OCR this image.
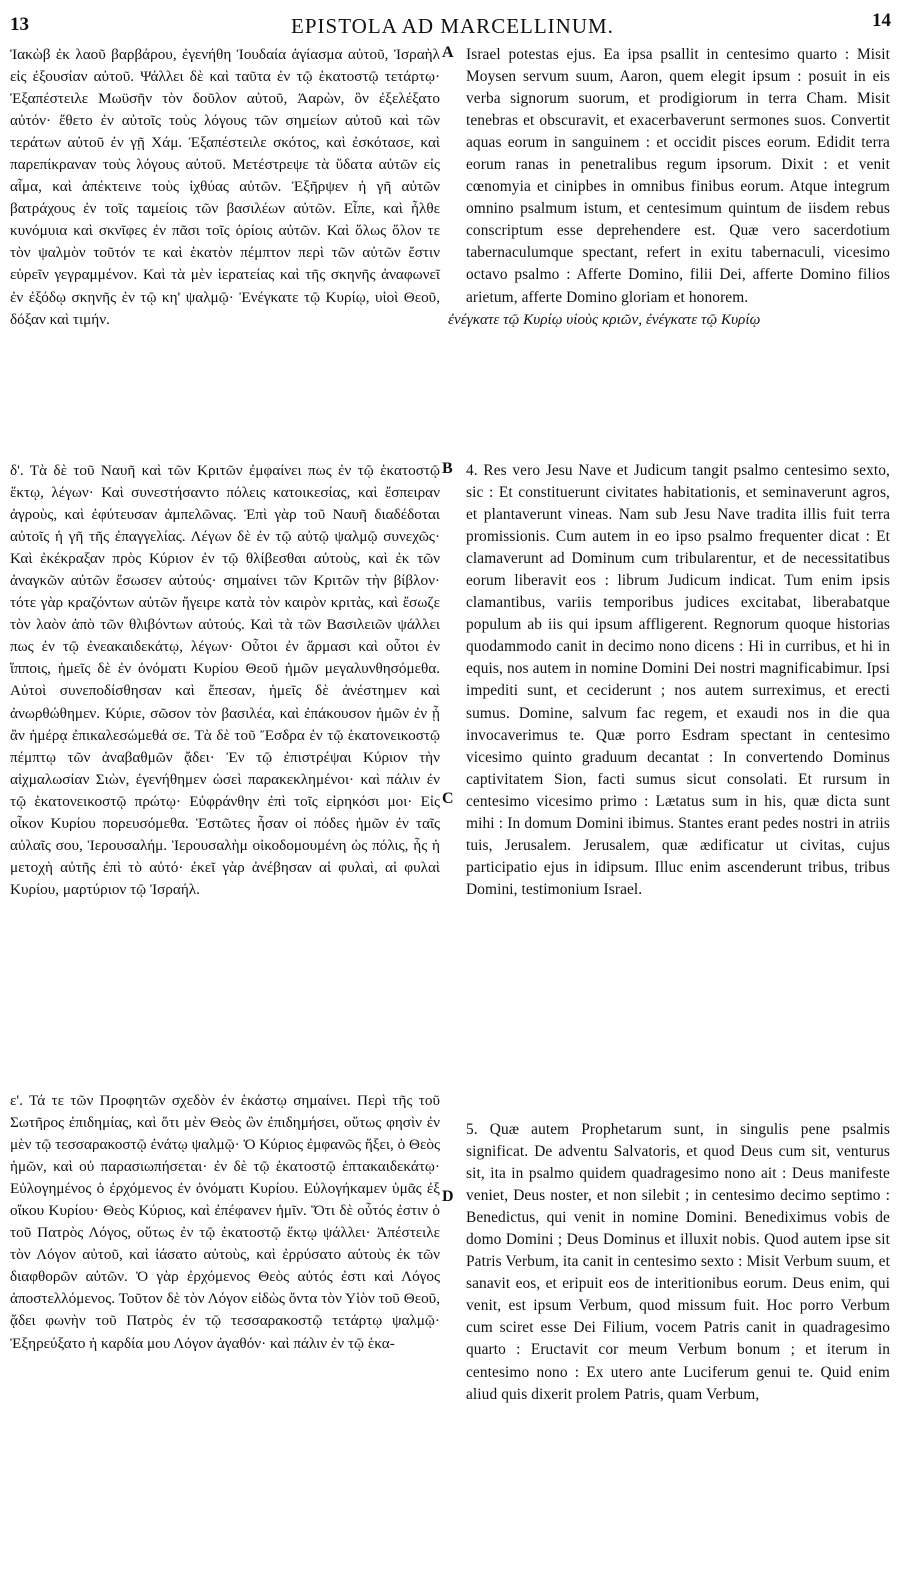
13	EPISTOLA AD MARCELLINUM.	14
A
B
C
D

Ἰακὼβ ἐκ λαοῦ βαρβάρου, ἐγενήθη Ἰουδαία ἁγίασμα αὐτοῦ, Ἰσραὴλ εἰς ἐξουσίαν αὐτοῦ. Ψάλλει δὲ καὶ ταῦτα ἐν τῷ ἑκατοστῷ τετάρτῳ· Ἐξαπέστειλε Μωϋσῆν τὸν δοῦλον αὐτοῦ, Ἀαρὼν, ὃν ἐξελέξατο αὐτόν· ἔθετο ἐν αὐτοῖς τοὺς λόγους τῶν σημείων αὐτοῦ καὶ τῶν τεράτων αὐτοῦ ἐν γῇ Χάμ. Ἐξαπέστειλε σκότος, καὶ ἐσκότασε, καὶ παρεπίκραναν τοὺς λόγους αὐτοῦ. Μετέστρεψε τὰ ὕδατα αὐτῶν εἰς αἷμα, καὶ ἀπέκτεινε τοὺς ἰχθύας αὐτῶν. Ἐξῆρψεν ἡ γῆ αὐτῶν βατράχους ἐν τοῖς ταμείοις τῶν βασιλέων αὐτῶν. Εἶπε, καὶ ἦλθε κυνόμυια καὶ σκνῖφες ἐν πᾶσι τοῖς ὁρίοις αὐτῶν. Καὶ ὅλως ὅλον τε τὸν ψαλμὸν τοῦτόν τε καὶ ἑκατὸν πέμπτον περὶ τῶν αὐτῶν ἔστιν εὑρεῖν γεγραμμένον. Καὶ τὰ μὲν ἱερατείας καὶ τῆς σκηνῆς ἀναφωνεῖ ἐν ἐξόδῳ σκηνῆς ἐν τῷ κη' ψαλμῷ· Ἐνέγκατε τῷ Κυρίῳ, υἱοὶ Θεοῦ, δόξαν καὶ τιμήν.

δ'. Τὰ δὲ τοῦ Ναυῆ καὶ τῶν Κριτῶν ἐμφαίνει πως ἐν τῷ ἑκατοστῷ ἕκτῳ, λέγων· Καὶ συνεστήσαντο πόλεις κατοικεσίας, καὶ ἔσπειραν ἀγροὺς, καὶ ἐφύτευσαν ἀμπελῶνας. Ἐπὶ γὰρ τοῦ Ναυῆ διαδέδοται αὐτοῖς ἡ γῆ τῆς ἐπαγγελίας. Λέγων δὲ ἐν τῷ αὐτῷ ψαλμῷ συνεχῶς· Καὶ ἐκέκραξαν πρὸς Κύριον ἐν τῷ θλίβεσθαι αὐτοὺς, καὶ ἐκ τῶν ἀναγκῶν αὐτῶν ἔσωσεν αὐτούς· σημαίνει τῶν Κριτῶν τὴν βίβλον· τότε γὰρ κραζόντων αὐτῶν ἤγειρε κατὰ τὸν καιρὸν κριτὰς, καὶ ἔσωζε τὸν λαὸν ἀπὸ τῶν θλιβόντων αὐτούς. Καὶ τὰ τῶν Βασιλειῶν ψάλλει πως ἐν τῷ ἐνεακαιδεκάτῳ, λέγων· Οὗτοι ἐν ἅρμασι καὶ οὗτοι ἐν ἵπποις, ἡμεῖς δὲ ἐν ὀνόματι Κυρίου Θεοῦ ἡμῶν μεγαλυνθησόμεθα. Αὐτοὶ συνεποδίσθησαν καὶ ἔπεσαν, ἡμεῖς δὲ ἀνέστημεν καὶ ἀνωρθώθημεν. Κύριε, σῶσον τὸν βασιλέα, καὶ ἐπάκουσον ἡμῶν ἐν ᾗ ἂν ἡμέρᾳ ἐπικαλεσώμεθά σε. Τὰ δὲ τοῦ Ἔσδρα ἐν τῷ ἑκατονεικοστῷ πέμπτῳ τῶν ἀναβαθμῶν ᾄδει· Ἐν τῷ ἐπιστρέψαι Κύριον τὴν αἰχμαλωσίαν Σιὼν, ἐγενήθημεν ὡσεὶ παρακεκλημένοι· καὶ πάλιν ἐν τῷ ἑκατονεικοστῷ πρώτῳ· Εὐφράνθην ἐπὶ τοῖς εἰρηκόσι μοι· Εἰς οἶκον Κυρίου πορευσόμεθα. Ἑστῶτες ἦσαν οἱ πόδες ἡμῶν ἐν ταῖς αὐλαῖς σου, Ἱερουσαλήμ. Ἱερουσαλὴμ οἰκοδομουμένη ὡς πόλις, ἧς ἡ μετοχὴ αὐτῆς ἐπὶ τὸ αὐτό· ἐκεῖ γὰρ ἀνέβησαν αἱ φυλαὶ, αἱ φυλαὶ Κυρίου, μαρτύριον τῷ Ἰσραήλ.

ε'. Τά τε τῶν Προφητῶν σχεδὸν ἐν ἑκάστῳ σημαίνει. Περὶ τῆς τοῦ Σωτῆρος ἐπιδημίας, καὶ ὅτι μὲν Θεὸς ὢν ἐπιδημήσει, οὕτως φησὶν ἐν μὲν τῷ τεσσαρακοστῷ ἐνάτῳ ψαλμῷ· Ὁ Κύριος ἐμφανῶς ἥξει, ὁ Θεὸς ἡμῶν, καὶ οὐ παρασιωπήσεται· ἐν δὲ τῷ ἑκατοστῷ ἑπτακαιδεκάτῳ· Εὐλογημένος ὁ ἐρχόμενος ἐν ὀνόματι Κυρίου. Εὐλογήκαμεν ὑμᾶς ἐξ οἴκου Κυρίου· Θεὸς Κύριος, καὶ ἐπέφανεν ἡμῖν. Ὅτι δὲ οὗτός ἐστιν ὁ τοῦ Πατρὸς Λόγος, οὕτως ἐν τῷ ἑκατοστῷ ἕκτῳ ψάλλει· Ἀπέστειλε τὸν Λόγον αὐτοῦ, καὶ ἰάσατο αὐτοὺς, καὶ ἐρρύσατο αὐτοὺς ἐκ τῶν διαφθορῶν αὐτῶν. Ὁ γὰρ ἐρχόμενος Θεὸς αὐτός ἐστι καὶ Λόγος ἀποστελλόμενος. Τοῦτον δὲ τὸν Λόγον εἰδὼς ὄντα τὸν Υἱὸν τοῦ Θεοῦ, ᾄδει φωνὴν τοῦ Πατρὸς ἐν τῷ τεσσαρακοστῷ τετάρτῳ ψαλμῷ· Ἐξηρεύξατο ἡ καρδία μου Λόγον ἀγαθόν· καὶ πάλιν ἐν τῷ ἑκα-

Israel potestas ejus. Ea ipsa psallit in centesimo quarto : Misit Moysen servum suum, Aaron, quem elegit ipsum : posuit in eis verba signorum suorum, et prodigiorum in terra Cham. Misit tenebras et obscuravit, et exacerbaverunt sermones suos. Convertit aquas eorum in sanguinem : et occidit pisces eorum. Edidit terra eorum ranas in penetralibus regum ipsorum. Dixit : et venit cœnomyia et cinipbes in omnibus finibus eorum. Atque integrum omnino psalmum istum, et centesimum quintum de iisdem rebus conscriptum esse deprehendere est. Quæ vero sacerdotium tabernaculumque spectant, refert in exitu tabernaculi, vicesimo octavo psalmo : Afferte Domino, filii Dei, afferte Domino filios arietum, afferte Domino gloriam et honorem.

4. Res vero Jesu Nave et Judicum tangit psalmo centesimo sexto, sic : Et constituerunt civitates habitationis, et seminaverunt agros, et plantaverunt vineas. Nam sub Jesu Nave tradita illis fuit terra promissionis. Cum autem in eo ipso psalmo frequenter dicat : Et clamaverunt ad Dominum cum tribularentur, et de necessitatibus eorum liberavit eos : librum Judicum indicat. Tum enim ipsis clamantibus, variis temporibus judices excitabat, liberabatque populum ab iis qui ipsum affligerent. Regnorum quoque historias quodammodo canit in decimo nono dicens : Hi in curribus, et hi in equis, nos autem in nomine Domini Dei nostri magnificabimur. Ipsi impediti sunt, et ceciderunt ; nos autem surreximus, et erecti sumus. Domine, salvum fac regem, et exaudi nos in die qua invocaverimus te. Quæ porro Esdram spectant in centesimo vicesimo quinto graduum decantat : In convertendo Dominus captivitatem Sion, facti sumus sicut consolati. Et rursum in centesimo vicesimo primo : Lætatus sum in his, quæ dicta sunt mihi : In domum Domini ibimus. Stantes erant pedes nostri in atriis tuis, Jerusalem. Jerusalem, quæ ædificatur ut civitas, cujus participatio ejus in idipsum. Illuc enim ascenderunt tribus, tribus Domini, testimonium Israel.

5. Quæ autem Prophetarum sunt, in singulis pene psalmis significat. De adventu Salvatoris, et quod Deus cum sit, venturus sit, ita in psalmo quidem quadragesimo nono ait : Deus manifeste veniet, Deus noster, et non silebit ; in centesimo decimo septimo : Benedictus, qui venit in nomine Domini. Benediximus vobis de domo Domini ; Deus Dominus et illuxit nobis. Quod autem ipse sit Patris Verbum, ita canit in centesimo sexto : Misit Verbum suum, et sanavit eos, et eripuit eos de interitionibus eorum. Deus enim, qui venit, est ipsum Verbum, quod missum fuit. Hoc porro Verbum cum sciret esse Dei Filium, vocem Patris canit in quadragesimo quarto : Eructavit cor meum Verbum bonum ; et iterum in centesimo nono : Ex utero ante Luciferum genui te. Quid enim aliud quis dixerit prolem Patris, quam Verbum,

ἐνέγκατε τῷ Κυρίῳ υἱοὺς κριῶν, ἐνέγκατε τῷ Κυρίῳ
